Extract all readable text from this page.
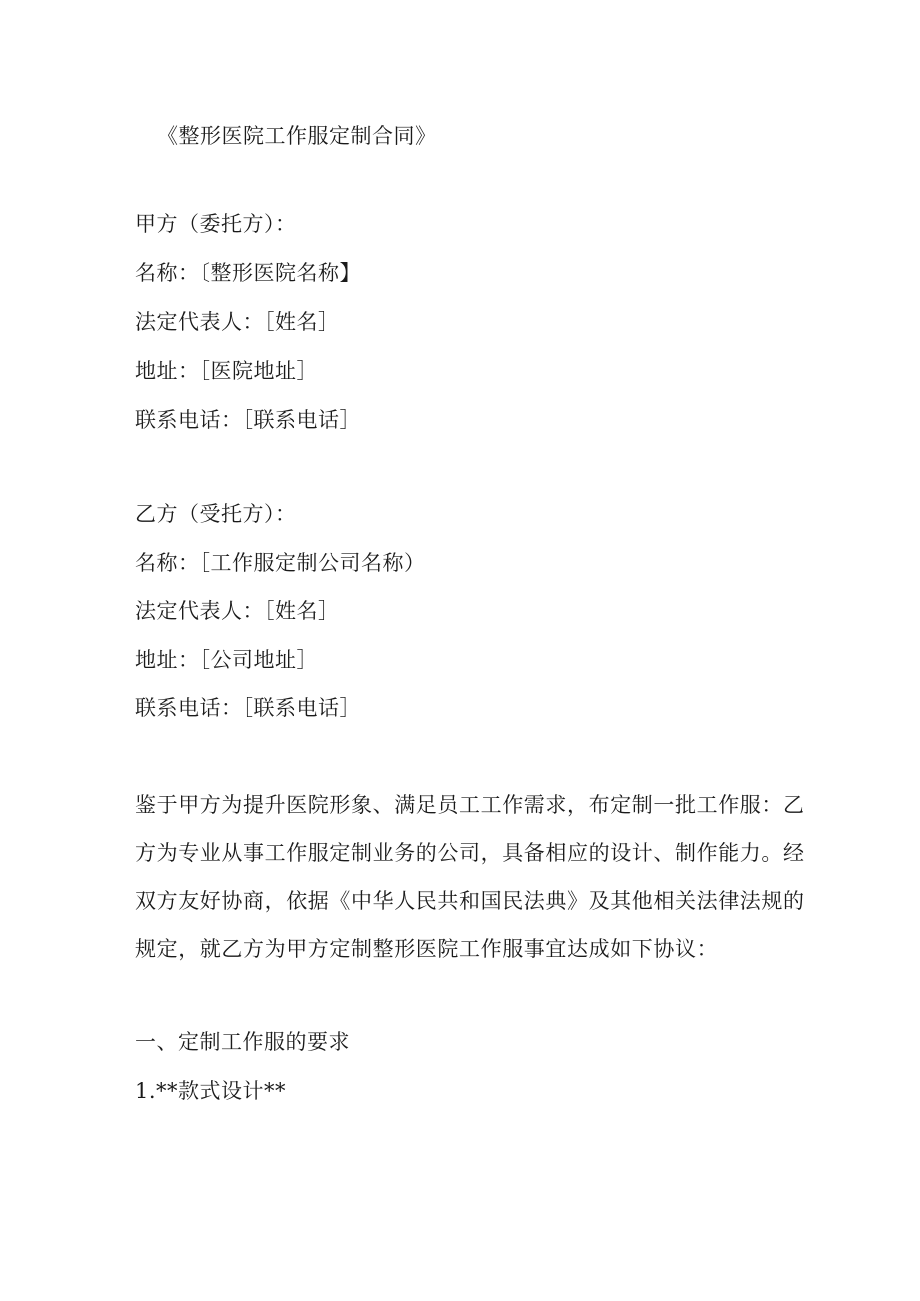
《整形医院工作服定制合同》
甲方（委托方）：
名称：〔整形医院名称】
法定代表人：［姓名］
地址：［医院地址］
联系电话：［联系电话］
乙方（受托方）：
名称：［工作服定制公司名称）
法定代表人：［姓名］
地址：［公司地址］
联系电话：［联系电话］
鉴于甲方为提升医院形象、满足员工工作需求，布定制一批工作服：乙
方为专业从事工作服定制业务的公司，具备相应的设计、制作能力。经
双方友好协商，依据《中华人民共和国民法典》及其他相关法律法规的
规定，就乙方为甲方定制整形医院工作服事宜达成如下协议：
一、定制工作服的要求
1.**款式设计**
